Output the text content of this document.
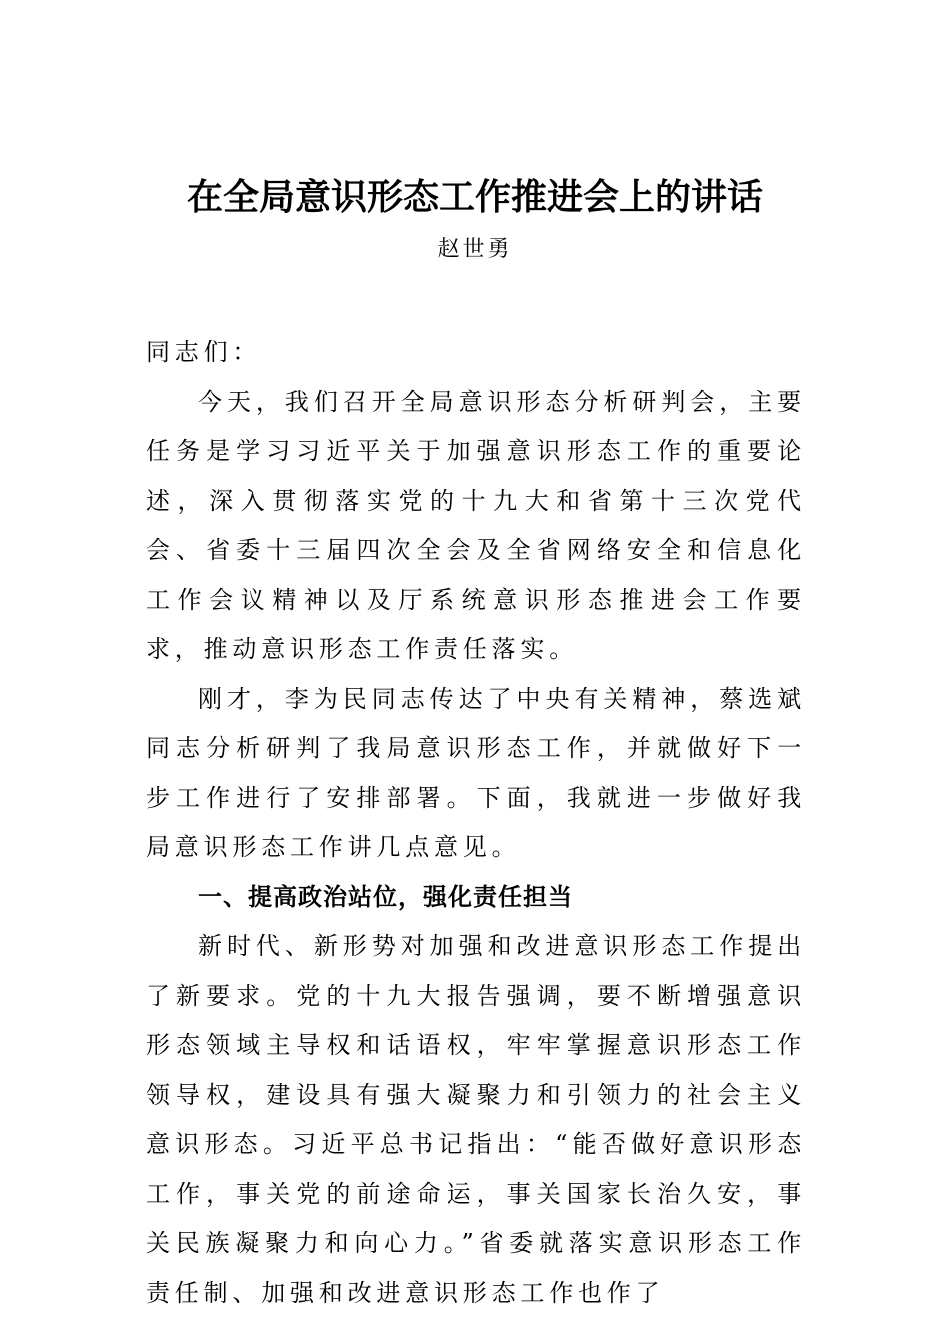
在全局意识形态工作推进会上的讲话
赵世勇

同志们：

今天，我们召开全局意识形态分析研判会，主要任务是学习习近平关于加强意识形态工作的重要论述，深入贯彻落实党的十九大和省第十三次党代会、省委十三届四次全会及全省网络安全和信息化工作会议精神以及厅系统意识形态推进会工作要求，推动意识形态工作责任落实。

刚才，李为民同志传达了中央有关精神，蔡选斌同志分析研判了我局意识形态工作，并就做好下一步工作进行了安排部署。下面，我就进一步做好我局意识形态工作讲几点意见。

一、提高政治站位，强化责任担当

新时代、新形势对加强和改进意识形态工作提出了新要求。党的十九大报告强调，要不断增强意识形态领域主导权和话语权，牢牢掌握意识形态工作领导权，建设具有强大凝聚力和引领力的社会主义意识形态。习近平总书记指出：“能否做好意识形态工作，事关党的前途命运，事关国家长治久安，事关民族凝聚力和向心力。”省委就落实意识形态工作责任制、加强和改进意识形态工作也作了
